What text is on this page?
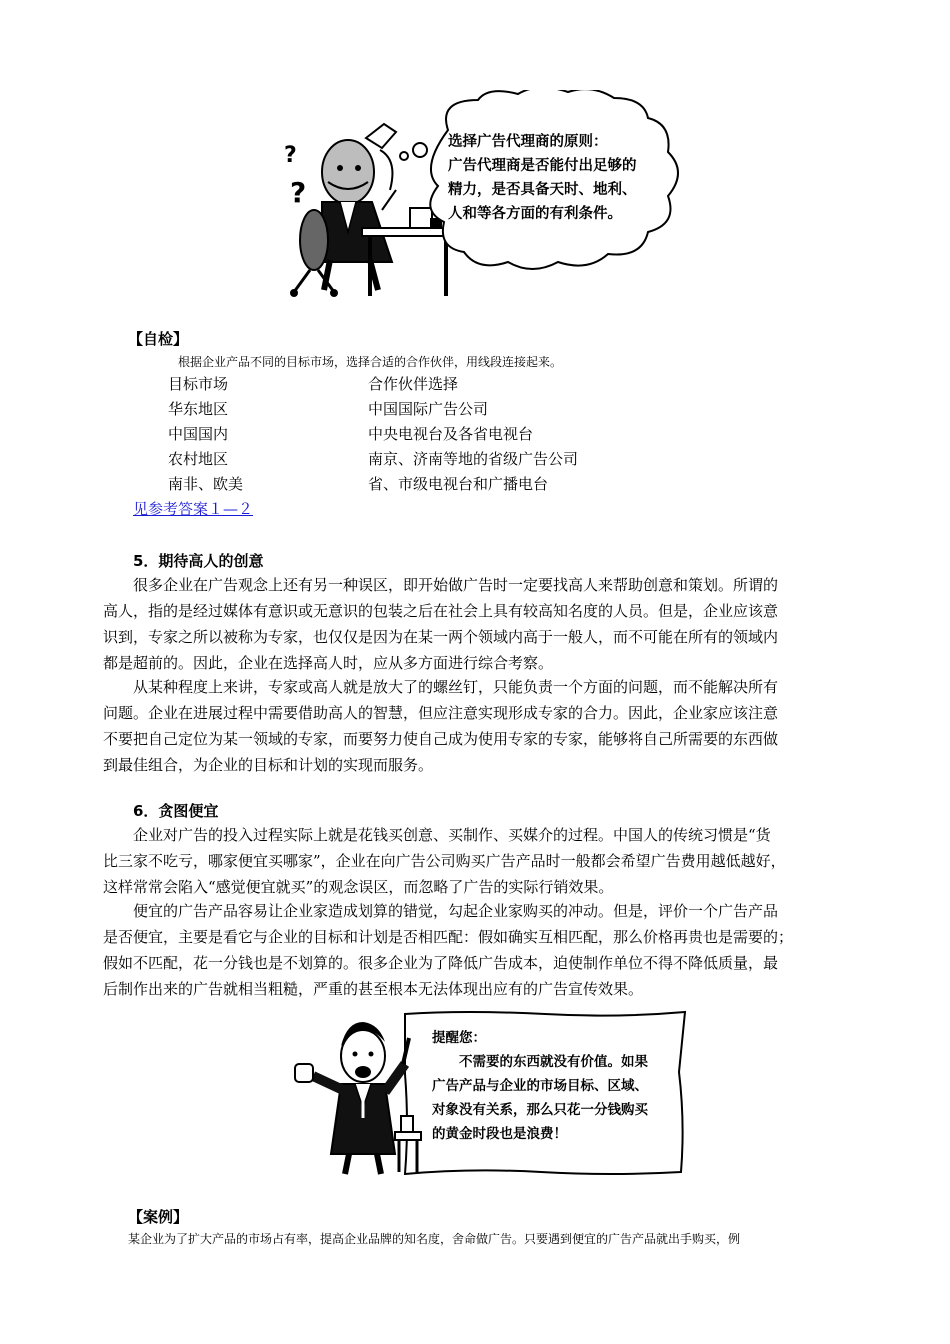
?
?
选择广告代理商的原则：
广告代理商是否能付出足够的
精力，是否具备天时、地利、
人和等各方面的有利条件。
【自检】
根据企业产品不同的目标市场，选择合适的合作伙伴，用线段连接起来。
目标市场	合作伙伴选择
华东地区	中国国际广告公司
中国国内	中央电视台及各省电视台
农村地区	南京、济南等地的省级广告公司
南非、欧美	省、市级电视台和广播电台
见参考答案１—２
5．期待高人的创意
　　很多企业在广告观念上还有另一种误区，即开始做广告时一定要找高人来帮助创意和策划。所谓的
高人，指的是经过媒体有意识或无意识的包装之后在社会上具有较高知名度的人员。但是，企业应该意
识到，专家之所以被称为专家，也仅仅是因为在某一两个领域内高于一般人，而不可能在所有的领域内
都是超前的。因此，企业在选择高人时，应从多方面进行综合考察。
　　从某种程度上来讲，专家或高人就是放大了的螺丝钉，只能负责一个方面的问题，而不能解决所有
问题。企业在进展过程中需要借助高人的智慧，但应注意实现形成专家的合力。因此，企业家应该注意
不要把自己定位为某一领域的专家，而要努力使自己成为使用专家的专家，能够将自己所需要的东西做
到最佳组合，为企业的目标和计划的实现而服务。
6．贪图便宜
　　企业对广告的投入过程实际上就是花钱买创意、买制作、买媒介的过程。中国人的传统习惯是“货
比三家不吃亏，哪家便宜买哪家”，企业在向广告公司购买广告产品时一般都会希望广告费用越低越好，
这样常常会陷入“感觉便宜就买”的观念误区，而忽略了广告的实际行销效果。
　　便宜的广告产品容易让企业家造成划算的错觉，勾起企业家购买的冲动。但是，评价一个广告产品
是否便宜，主要是看它与企业的目标和计划是否相匹配：假如确实互相匹配，那么价格再贵也是需要的；
假如不匹配，花一分钱也是不划算的。很多企业为了降低广告成本，迫使制作单位不得不降低质量，最
后制作出来的广告就相当粗糙，严重的甚至根本无法体现出应有的广告宣传效果。
提醒您：
　　不需要的东西就没有价值。如果
广告产品与企业的市场目标、区域、
对象没有关系，那么只花一分钱购买
的黄金时段也是浪费！
【案例】
某企业为了扩大产品的市场占有率，提高企业品牌的知名度，舍命做广告。只要遇到便宜的广告产品就出手购买，例
